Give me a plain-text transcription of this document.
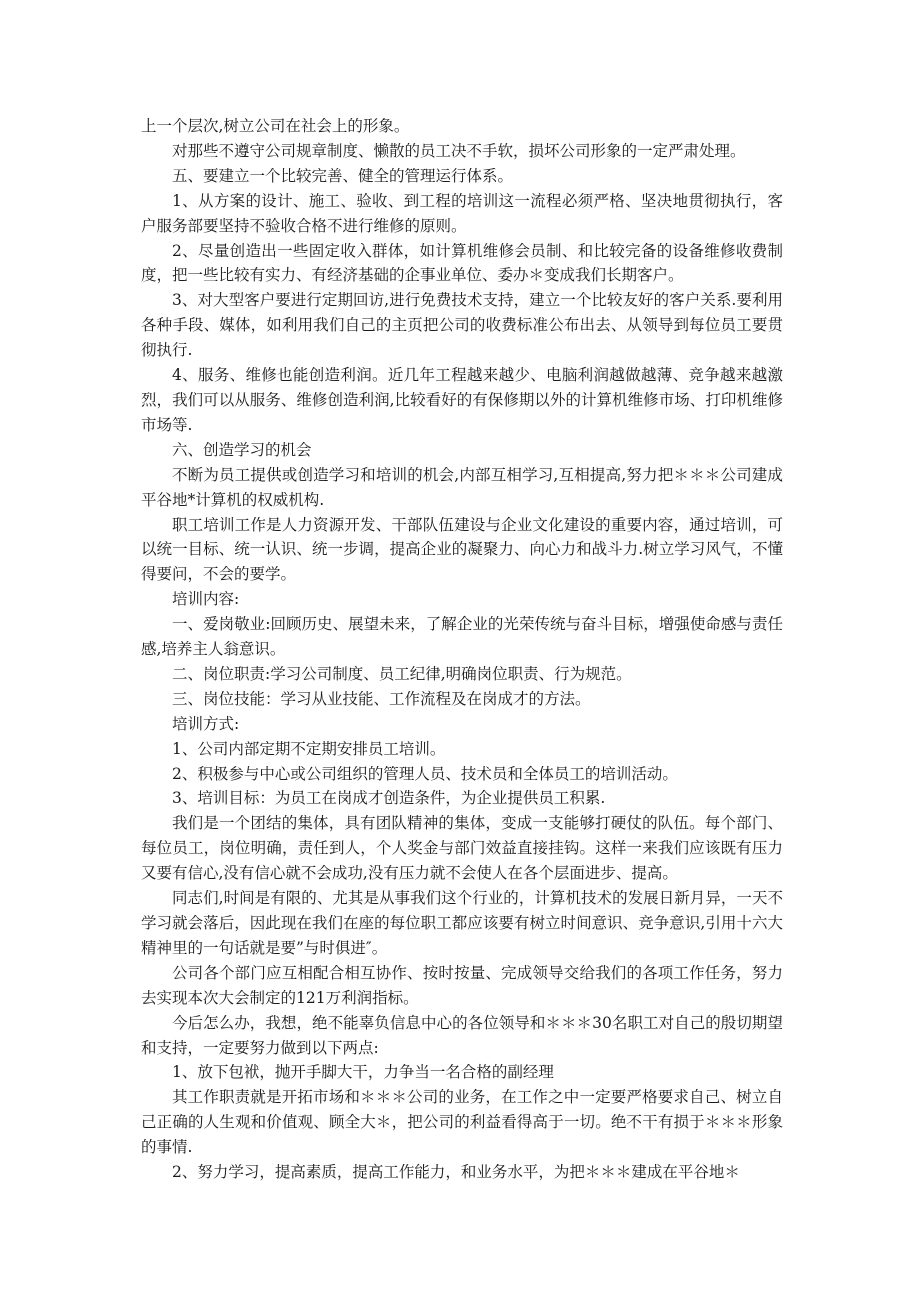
上一个层次,树立公司在社会上的形象。

对那些不遵守公司规章制度、懒散的员工决不手软，损坏公司形象的一定严肃处理。

五、要建立一个比较完善、健全的管理运行体系。

1、从方案的设计、施工、验收、到工程的培训这一流程必须严格、坚决地贯彻执行，客户服务部要坚持不验收合格不进行维修的原则。

2、尽量创造出一些固定收入群体，如计算机维修会员制、和比较完备的设备维修收费制度，把一些比较有实力、有经济基础的企事业单位、委办＊变成我们长期客户。

3、对大型客户要进行定期回访,进行免费技术支持，建立一个比较友好的客户关系.要利用各种手段、媒体，如利用我们自己的主页把公司的收费标准公布出去、从领导到每位员工要贯彻执行.

4、服务、维修也能创造利润。近几年工程越来越少、电脑利润越做越薄、竞争越来越激烈，我们可以从服务、维修创造利润,比较看好的有保修期以外的计算机维修市场、打印机维修市场等.

六、创造学习的机会

不断为员工提供或创造学习和培训的机会,内部互相学习,互相提高,努力把＊＊＊公司建成平谷地*计算机的权威机构.

职工培训工作是人力资源开发、干部队伍建设与企业文化建设的重要内容，通过培训，可以统一目标、统一认识、统一步调，提高企业的凝聚力、向心力和战斗力.树立学习风气，不懂得要问，不会的要学。

培训内容:

一、爱岗敬业:回顾历史、展望未来，了解企业的光荣传统与奋斗目标，增强使命感与责任感,培养主人翁意识。

二、岗位职责:学习公司制度、员工纪律,明确岗位职责、行为规范。

三、岗位技能：学习从业技能、工作流程及在岗成才的方法。

培训方式:

1、公司内部定期不定期安排员工培训。

2、积极参与中心或公司组织的管理人员、技术员和全体员工的培训活动。

3、培训目标：为员工在岗成才创造条件，为企业提供员工积累.

我们是一个团结的集体，具有团队精神的集体，变成一支能够打硬仗的队伍。每个部门、每位员工，岗位明确，责任到人，个人奖金与部门效益直接挂钩。这样一来我们应该既有压力又要有信心,没有信心就不会成功,没有压力就不会使人在各个层面进步、提高。

同志们,时间是有限的、尤其是从事我们这个行业的，计算机技术的发展日新月异，一天不学习就会落后，因此现在我们在座的每位职工都应该要有树立时间意识、竞争意识,引用十六大精神里的一句话就是要”与时俱进″。

公司各个部门应互相配合相互协作、按时按量、完成领导交给我们的各项工作任务，努力去实现本次大会制定的121万利润指标。

今后怎么办，我想，绝不能辜负信息中心的各位领导和＊＊＊30名职工对自己的殷切期望和支持，一定要努力做到以下两点:

1、放下包袱，抛开手脚大干，力争当一名合格的副经理

其工作职责就是开拓市场和＊＊＊公司的业务，在工作之中一定要严格要求自己、树立自己正确的人生观和价值观、顾全大＊，把公司的利益看得高于一切。绝不干有损于＊＊＊形象的事情.

2、努力学习，提高素质，提高工作能力，和业务水平，为把＊＊＊建成在平谷地＊
